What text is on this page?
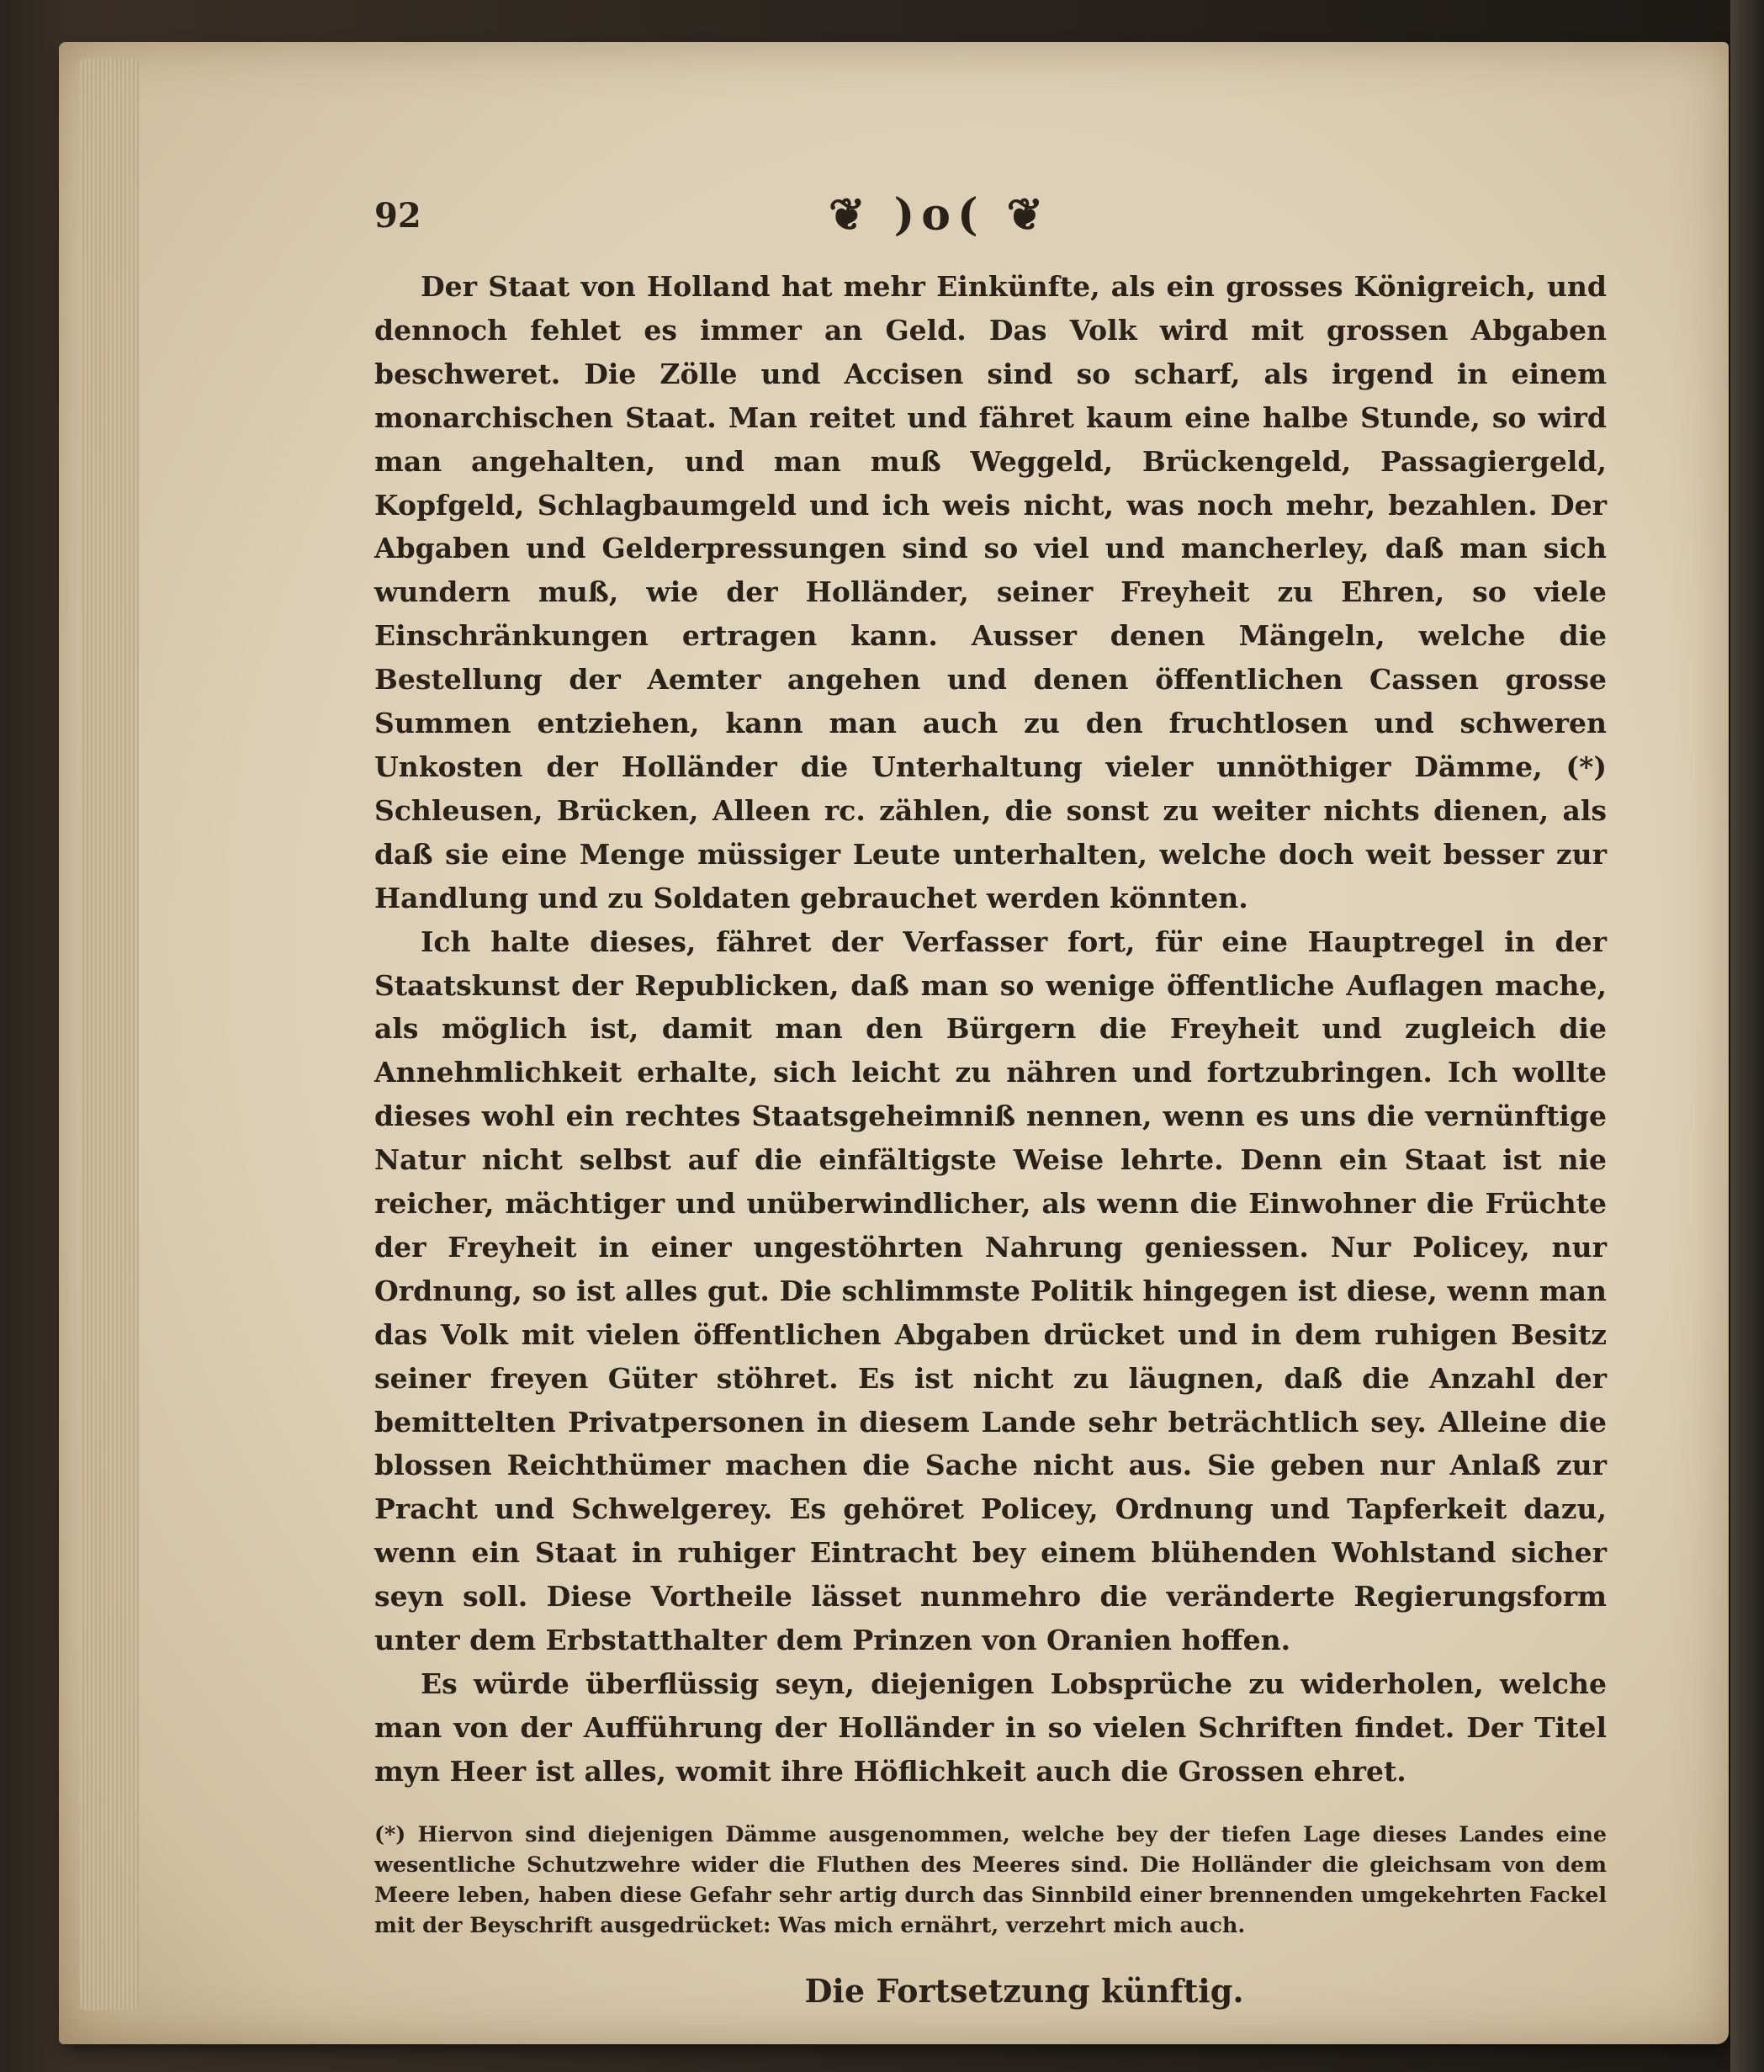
92	❦ )o( ❦

Der Staat von Holland hat mehr Einkünfte, als ein grosses Königreich, und dennoch fehlet es immer an Geld. Das Volk wird mit grossen Abgaben beschweret. Die Zölle und Accisen sind so scharf, als irgend in einem monarchischen Staat. Man reitet und fähret kaum eine halbe Stunde, so wird man angehalten, und man muß Weggeld, Brückengeld, Passagiergeld, Kopfgeld, Schlagbaumgeld und ich weis nicht, was noch mehr, bezahlen. Der Abgaben und Gelderpressungen sind so viel und mancherley, daß man sich wundern muß, wie der Holländer, seiner Freyheit zu Ehren, so viele Einschränkungen ertragen kann. Ausser denen Mängeln, welche die Bestellung der Aemter angehen und denen öffentlichen Cassen grosse Summen entziehen, kann man auch zu den fruchtlosen und schweren Unkosten der Holländer die Unterhaltung vieler unnöthiger Dämme, (*) Schleusen, Brücken, Alleen rc. zählen, die sonst zu weiter nichts dienen, als daß sie eine Menge müssiger Leute unterhalten, welche doch weit besser zur Handlung und zu Soldaten gebrauchet werden könnten.

Ich halte dieses, fähret der Verfasser fort, für eine Hauptregel in der Staatskunst der Republicken, daß man so wenige öffentliche Auflagen mache, als möglich ist, damit man den Bürgern die Freyheit und zugleich die Annehmlichkeit erhalte, sich leicht zu nähren und fortzubringen. Ich wollte dieses wohl ein rechtes Staatsgeheimniß nennen, wenn es uns die vernünftige Natur nicht selbst auf die einfältigste Weise lehrte. Denn ein Staat ist nie reicher, mächtiger und unüberwindlicher, als wenn die Einwohner die Früchte der Freyheit in einer ungestöhrten Nahrung geniessen. Nur Policey, nur Ordnung, so ist alles gut. Die schlimmste Politik hingegen ist diese, wenn man das Volk mit vielen öffentlichen Abgaben drücket und in dem ruhigen Besitz seiner freyen Güter stöhret. Es ist nicht zu läugnen, daß die Anzahl der bemittelten Privatpersonen in diesem Lande sehr beträchtlich sey. Alleine die blossen Reichthümer machen die Sache nicht aus. Sie geben nur Anlaß zur Pracht und Schwelgerey. Es gehöret Policey, Ordnung und Tapferkeit dazu, wenn ein Staat in ruhiger Eintracht bey einem blühenden Wohlstand sicher seyn soll. Diese Vortheile lässet nunmehro die veränderte Regierungsform unter dem Erbstatthalter dem Prinzen von Oranien hoffen.

Es würde überflüssig seyn, diejenigen Lobsprüche zu widerholen, welche man von der Aufführung der Holländer in so vielen Schriften findet. Der Titel myn Heer ist alles, womit ihre Höflichkeit auch die Grossen ehret.

(*) Hiervon sind diejenigen Dämme ausgenommen, welche bey der tiefen Lage dieses Landes eine wesentliche Schutzwehre wider die Fluthen des Meeres sind. Die Holländer die gleichsam von dem Meere leben, haben diese Gefahr sehr artig durch das Sinnbild einer brennenden umgekehrten Fackel mit der Beyschrift ausgedrücket: Was mich ernährt, verzehrt mich auch.
Die Fortsetzung künftig.
